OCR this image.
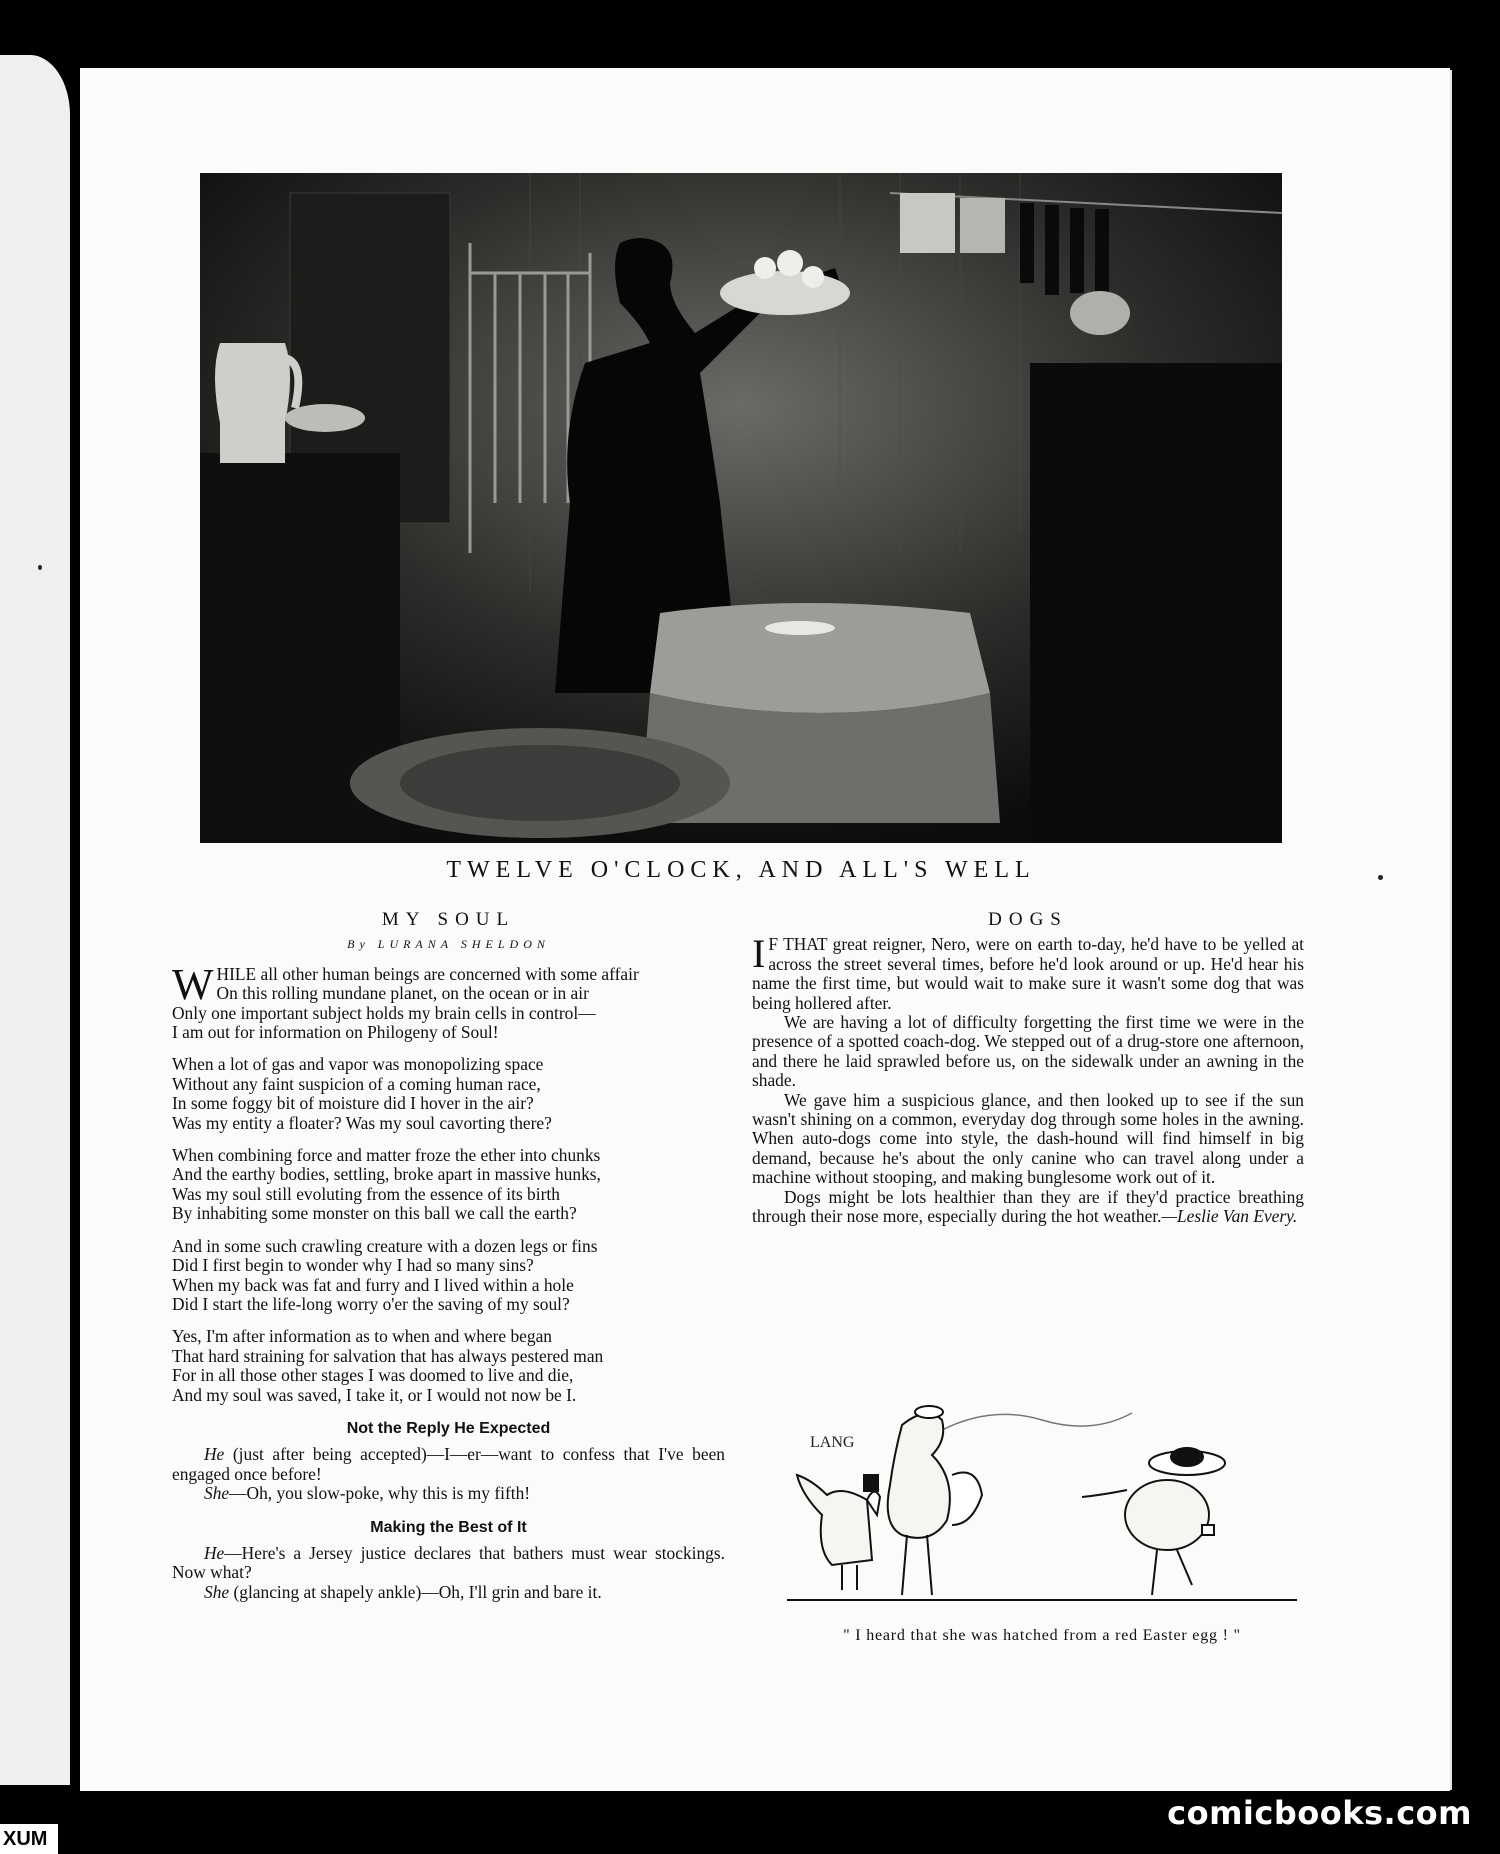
TWELVE O'CLOCK, AND ALL'S WELL
MY SOUL
By LURANA SHELDON
W HILE all other human beings are concerned with some affair
On this rolling mundane planet, on the ocean or in air
Only one important subject holds my brain cells in control—
I am out for information on Philogeny of Soul!
When a lot of gas and vapor was monopolizing space
Without any faint suspicion of a coming human race,
In some foggy bit of moisture did I hover in the air?
Was my entity a floater? Was my soul cavorting there?
When combining force and matter froze the ether into chunks
And the earthy bodies, settling, broke apart in massive hunks,
Was my soul still evoluting from the essence of its birth
By inhabiting some monster on this ball we call the earth?
And in some such crawling creature with a dozen legs or fins
Did I first begin to wonder why I had so many sins?
When my back was fat and furry and I lived within a hole
Did I start the life-long worry o'er the saving of my soul?
Yes, I'm after information as to when and where began
That hard straining for salvation that has always pestered man
For in all those other stages I was doomed to live and die,
And my soul was saved, I take it, or I would not now be I.
Not the Reply He Expected

He (just after being accepted)—I—er—want to confess that I've been engaged once before!

She—Oh, you slow-poke, why this is my fifth!

Making the Best of It

He—Here's a Jersey justice declares that bathers must wear stockings. Now what?

She (glancing at shapely ankle)—Oh, I'll grin and bare it.

DOGS

I F THAT great reigner, Nero, were on earth to-day, he'd have to be yelled at across the street several times, before he'd look around or up. He'd hear his name the first time, but would wait to make sure it wasn't some dog that was being hollered after.

We are having a lot of difficulty forgetting the first time we were in the presence of a spotted coach-dog. We stepped out of a drug-store one afternoon, and there he laid sprawled before us, on the sidewalk under an awning in the shade.

We gave him a suspicious glance, and then looked up to see if the sun wasn't shining on a common, everyday dog through some holes in the awning. When auto-dogs come into style, the dash-hound will find himself in big demand, because he's about the only canine who can travel along under a machine without stooping, and making bunglesome work out of it.

Dogs might be lots healthier than they are if they'd practice breathing through their nose more, especially during the hot weather.—Leslie Van Every.

LANG
" I heard that she was hatched from a red Easter egg ! "
XUM
comicbooks.com
